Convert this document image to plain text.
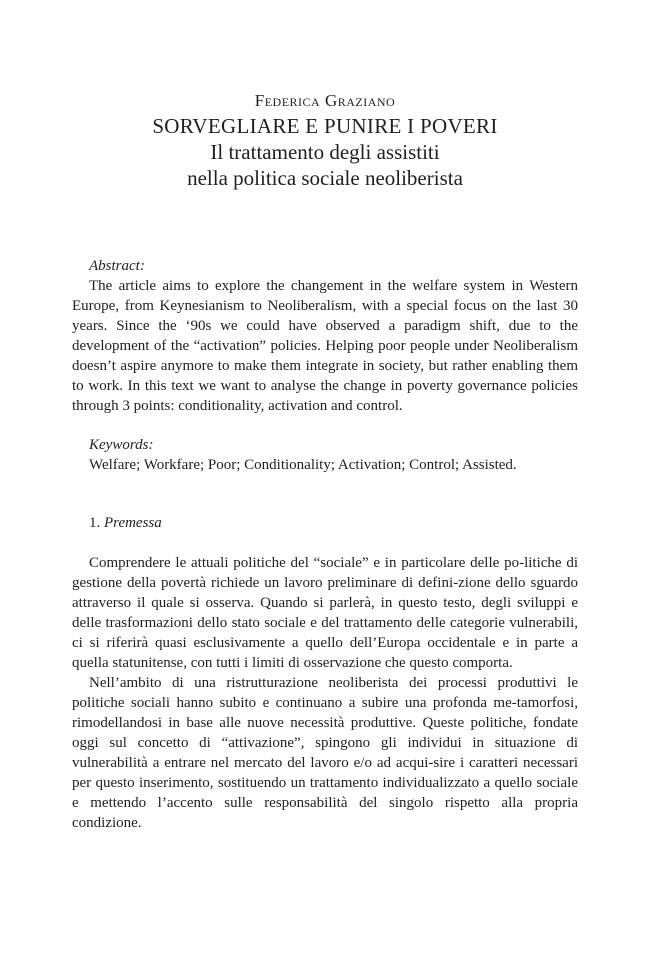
Federica Graziano
SORVEGLIARE E PUNIRE I POVERI
Il trattamento degli assistiti
nella politica sociale neoliberista
Abstract:

The article aims to explore the changement in the welfare system in Western Europe, from Keynesianism to Neoliberalism, with a special focus on the last 30 years. Since the ‘90s we could have observed a paradigm shift, due to the development of the “activation” policies. Helping poor people under Neoliberalism doesn’t aspire anymore to make them integrate in society, but rather enabling them to work. In this text we want to analyse the change in poverty governance policies through 3 points: conditionality, activation and control.

Keywords:
Welfare; Workfare; Poor; Conditionality; Activation; Control; Assisted.
1. Premessa

Comprendere le attuali politiche del “sociale” e in particolare delle po-litiche di gestione della povertà richiede un lavoro preliminare di defini-zione dello sguardo attraverso il quale si osserva. Quando si parlerà, in questo testo, degli sviluppi e delle trasformazioni dello stato sociale e del trattamento delle categorie vulnerabili, ci si riferirà quasi esclusivamente a quello dell’Europa occidentale e in parte a quella statunitense, con tutti i limiti di osservazione che questo comporta.

Nell’ambito di una ristrutturazione neoliberista dei processi produttivi le politiche sociali hanno subito e continuano a subire una profonda me-tamorfosi, rimodellandosi in base alle nuove necessità produttive. Queste politiche, fondate oggi sul concetto di “attivazione”, spingono gli individui in situazione di vulnerabilità a entrare nel mercato del lavoro e/o ad acqui-sire i caratteri necessari per questo inserimento, sostituendo un trattamento individualizzato a quello sociale e mettendo l’accento sulle responsabilità del singolo rispetto alla propria condizione.
